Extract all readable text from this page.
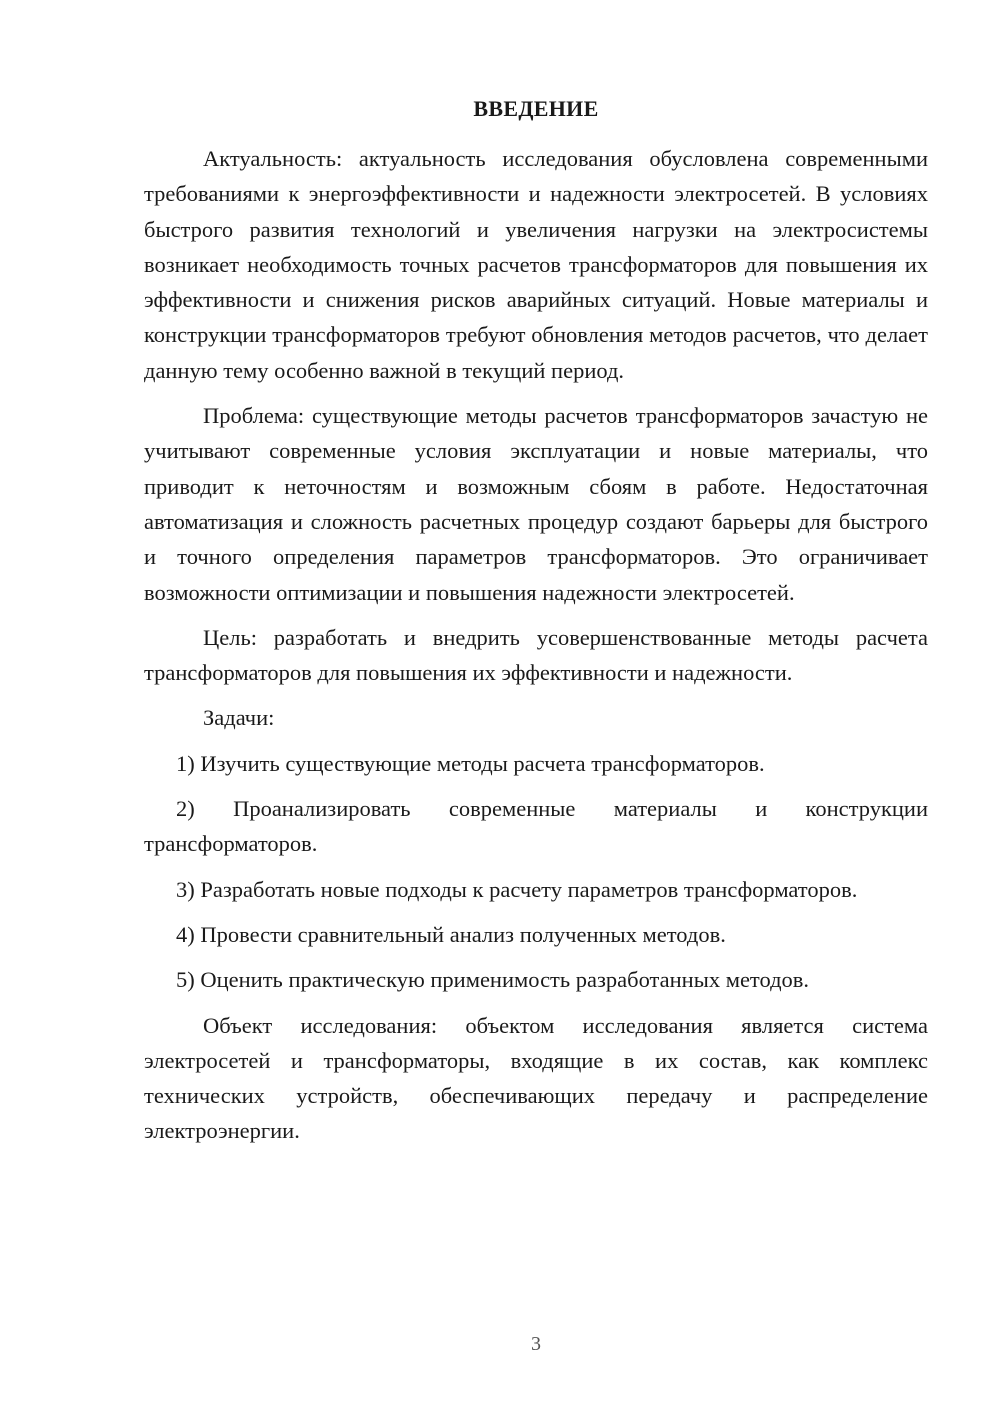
ВВЕДЕНИЕ

Актуальность: актуальность исследования обусловлена современными требованиями к энергоэффективности и надежности электросетей. В условиях быстрого развития технологий и увеличения нагрузки на электросистемы возникает необходимость точных расчетов трансформаторов для повышения их эффективности и снижения рисков аварийных ситуаций. Новые материалы и конструкции трансформаторов требуют обновления методов расчетов, что делает данную тему особенно важной в текущий период.

Проблема: существующие методы расчетов трансформаторов зачастую не учитывают современные условия эксплуатации и новые материалы, что приводит к неточностям и возможным сбоям в работе. Недостаточная автоматизация и сложность расчетных процедур создают барьеры для быстрого и точного определения параметров трансформаторов. Это ограничивает возможности оптимизации и повышения надежности электросетей.

Цель: разработать и внедрить усовершенствованные методы расчета трансформаторов для повышения их эффективности и надежности.

Задачи:

1) Изучить существующие методы расчета трансформаторов.

2) Проанализировать современные материалы и конструкции трансформаторов.

3) Разработать новые подходы к расчету параметров трансформаторов.

4) Провести сравнительный анализ полученных методов.

5) Оценить практическую применимость разработанных методов.

Объект исследования: объектом исследования является система электросетей и трансформаторы, входящие в их состав, как комплекс технических устройств, обеспечивающих передачу и распределение электроэнергии.

3
